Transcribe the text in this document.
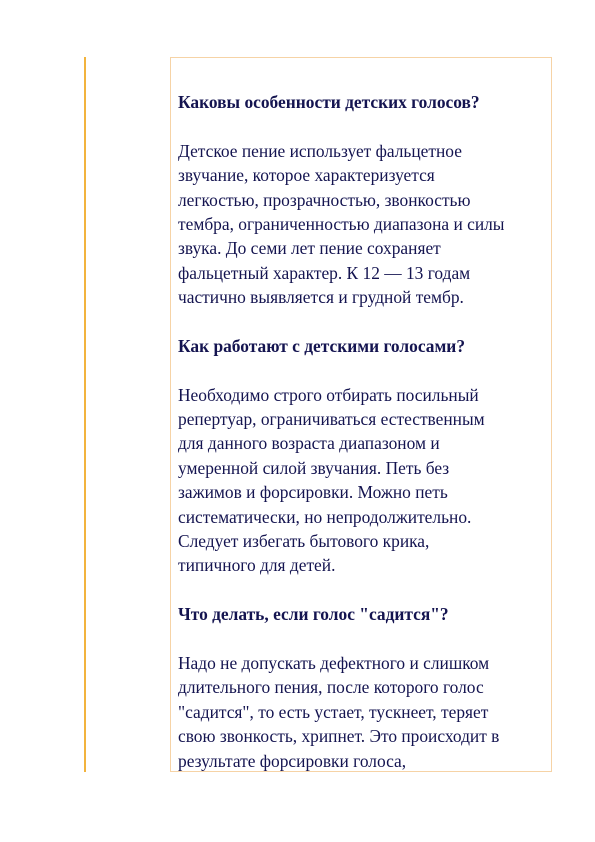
Каковы особенности детских голосов?
Детское пение использует фальцетное
звучание, которое характеризуется
легкостью, прозрачностью, звонкостью
тембра, ограниченностью диапазона и силы
звука. До семи лет пение сохраняет
фальцетный характер. К 12 — 13 годам
частично выявляется и грудной тембр.
Как работают с детскими голосами?
Необходимо строго отбирать посильный
репертуар, ограничиваться естественным
для данного возраста диапазоном и
умеренной силой звучания. Петь без
зажимов и форсировки. Можно петь
систематически, но непродолжительно.
Следует избегать бытового крика,
типичного для детей.
Что делать, если голос "садится"?
Надо не допускать дефектного и слишком
длительного пения, после которого голос
"садится", то есть устает, тускнеет, теряет
свою звонкость, хрипнет. Это происходит в
результате форсировки голоса,
